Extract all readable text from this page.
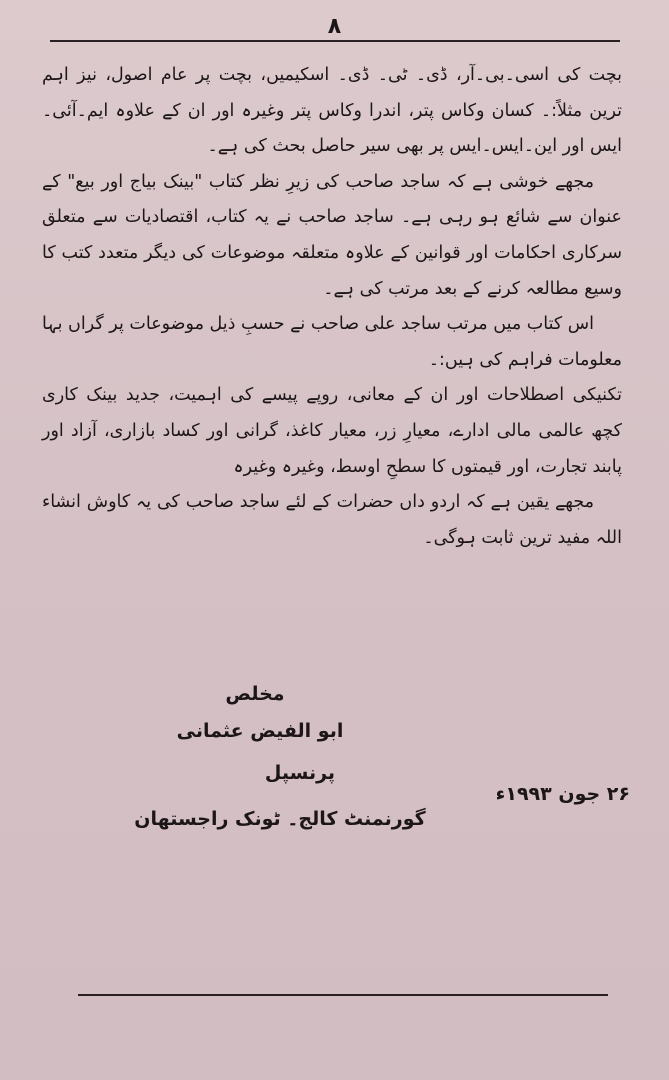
۸

بچت کی اسی۔بی۔آر، ڈی۔ ٹی۔ ڈی۔ اسکیمیں، بچت پر عام اصول، نیز اہم ترین مثلاً:۔ کسان وکاس پتر، اندرا وکاس پتر وغیرہ اور ان کے علاوہ ایم۔آئی۔ایس اور این۔ایس۔ایس پر بھی سیر حاصل بحث کی ہے۔

مجھے خوشی ہے کہ ساجد صاحب کی زیرِ نظر کتاب "بینک بیاج اور بیع" کے عنوان سے شائع ہو رہی ہے۔ ساجد صاحب نے یہ کتاب، اقتصادیات سے متعلق سرکاری احکامات اور قوانین کے علاوہ متعلقہ موضوعات کی دیگر متعدد کتب کا وسیع مطالعہ کرنے کے بعد مرتب کی ہے۔

اس کتاب میں مرتب ساجد علی صاحب نے حسبِ ذیل موضوعات پر گراں بہا معلومات فراہم کی ہیں:۔

تکنیکی اصطلاحات اور ان کے معانی، روپے پیسے کی اہمیت، جدید بینک کاری کچھ عالمی مالی ادارے، معیارِ زر، معیار کاغذ، گرانی اور کساد بازاری، آزاد اور پابند تجارت، اور قیمتوں کا سطحِ اوسط، وغیرہ وغیرہ

مجھے یقین ہے کہ اردو داں حضرات کے لئے ساجد صاحب کی یہ کاوش انشاء اللہ مفید ترین ثابت ہوگی۔

مخلص
ابو الفیض عثمانی
پرنسپل
۲۶ جون ۱۹۹۳ء
گورنمنٹ کالج۔ ٹونک راجستھان
